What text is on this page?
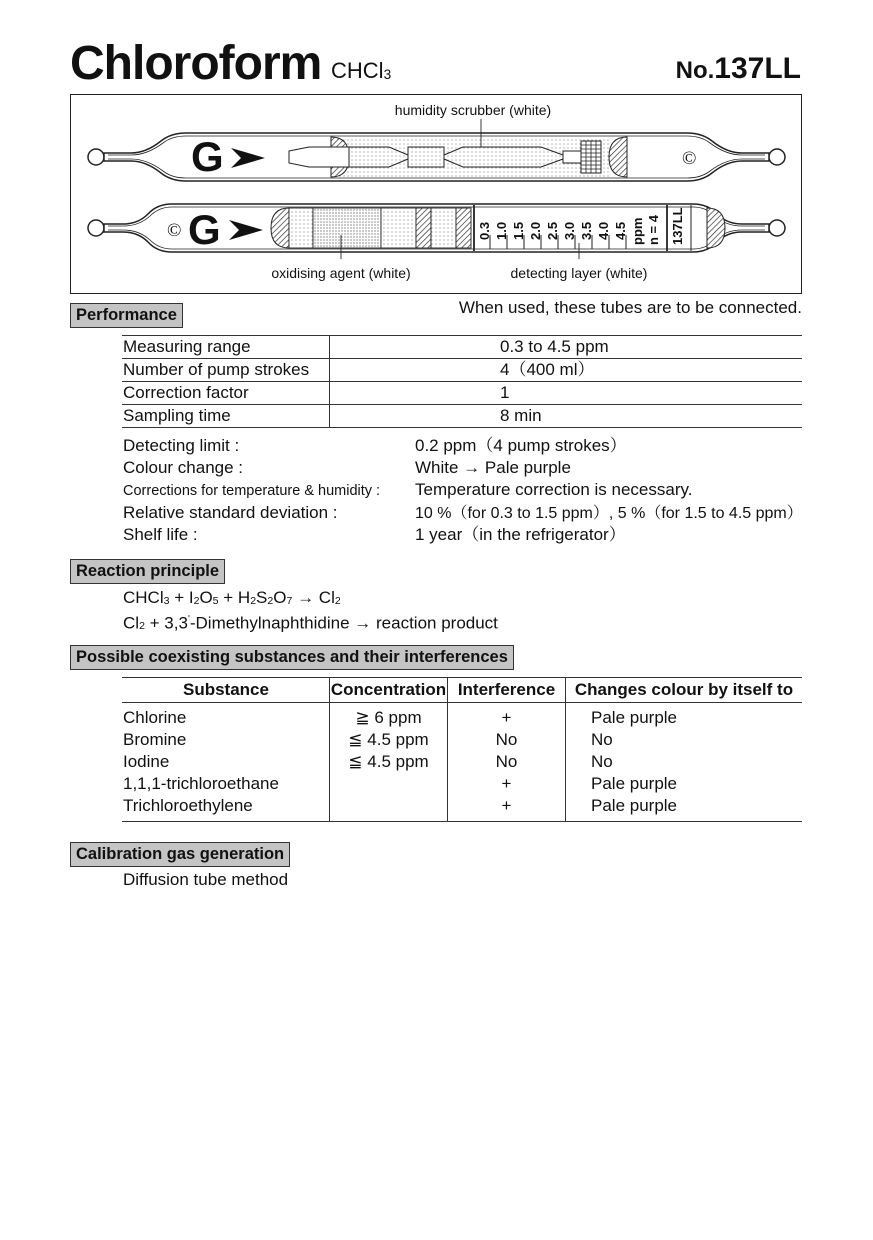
Chloroform CHCl3	No.137LL
G	©
© G	0.3 1.0 1.5 2.0 2.5 3.0 3.5 4.0 4.5 ppm n = 4 137LL
humidity scrubber (white)
oxidising agent (white)	detecting layer (white)
Performance	When used, these tubes are to be connected.
Measuring range	0.3 to 4.5 ppm
Number of pump strokes	4（400 ml）
Correction factor	1
Sampling time	8 min
Detecting limit :	0.2 ppm（4 pump strokes）
Colour change :	White → Pale purple
Corrections for temperature & humidity : Temperature correction is necessary.
Relative standard deviation :	10 %（for 0.3 to 1.5 ppm）, 5 %（for 1.5 to 4.5 ppm）
Shelf life :	1 year（in the refrigerator）
Reaction principle
CHCl3 + I2O5 + H2S2O7 → Cl2
Cl2 + 3,3'-Dimethylnaphthidine → reaction product
Possible coexisting substances and their interferences
Substance	Concentration	Interference	Changes colour by itself to
Chlorine	≧ 6 ppm	+	Pale purple
Bromine	≦ 4.5 ppm	No	No
Iodine	≦ 4.5 ppm	No	No
1,1,1-trichloroethane		+	Pale purple
Trichloroethylene		+	Pale purple
Calibration gas generation
Diffusion tube method
